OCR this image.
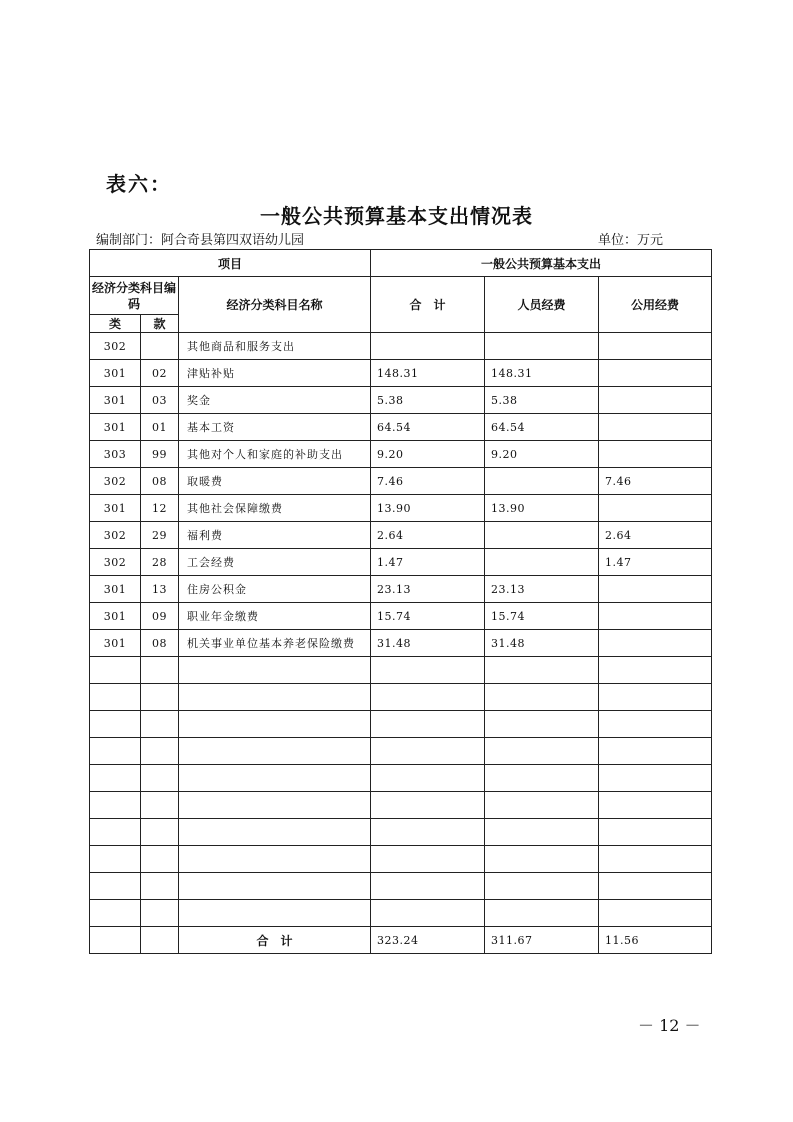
表六：
一般公共预算基本支出情况表
编制部门：阿合奇县第四双语幼儿园	单位：万元
项目			一般公共预算基本支出		
经济分类科目编码		经济分类科目名称	合　计	人员经费	公用经费
类	款				
302		其他商品和服务支出			
301	02	津贴补贴	148.31	148.31	
301	03	奖金	5.38	5.38	
301	01	基本工资	64.54	64.54	
303	99	其他对个人和家庭的补助支出	9.20	9.20	
302	08	取暖费	7.46		7.46
301	12	其他社会保障缴费	13.90	13.90	
302	29	福利费	2.64		2.64
302	28	工会经费	1.47		1.47
301	13	住房公积金	23.13	23.13	
301	09	职业年金缴费	15.74	15.74	
301	08	机关事业单位基本养老保险缴费	31.48	31.48	

		合　计	323.24	311.67	11.56
－ 12 －
